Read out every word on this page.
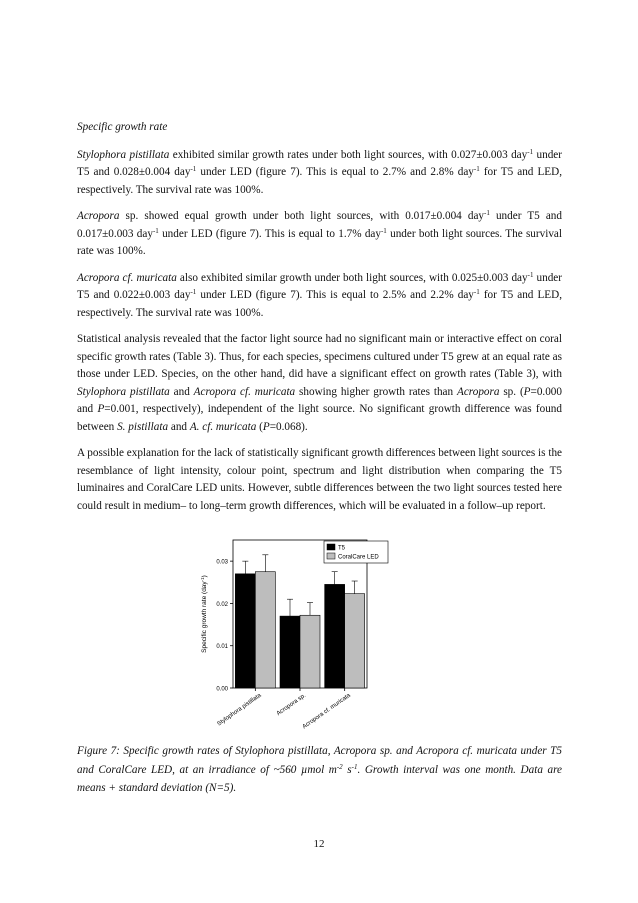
Specific growth rate

Stylophora pistillata exhibited similar growth rates under both light sources, with 0.027±0.003 day$^{-1}$ under T5 and 0.028±0.004 day$^{-1}$ under LED (figure 7). This is equal to 2.7% and 2.8% day$^{-1}$ for T5 and LED, respectively. The survival rate was 100%.

Acropora sp. showed equal growth under both light sources, with 0.017±0.004 day$^{-1}$ under T5 and 0.017±0.003 day$^{-1}$ under LED (figure 7). This is equal to 1.7% day$^{-1}$ under both light sources. The survival rate was 100%.

Acropora cf. muricata also exhibited similar growth under both light sources, with 0.025±0.003 day$^{-1}$ under T5 and 0.022±0.003 day$^{-1}$ under LED (figure 7). This is equal to 2.5% and 2.2% day$^{-1}$ for T5 and LED, respectively. The survival rate was 100%.

Statistical analysis revealed that the factor light source had no significant main or interactive effect on coral specific growth rates (Table 3). Thus, for each species, specimens cultured under T5 grew at an equal rate as those under LED. Species, on the other hand, did have a significant effect on growth rates (Table 3), with Stylophora pistillata and Acropora cf. muricata showing higher growth rates than Acropora sp. (P=0.000 and P=0.001, respectively), independent of the light source. No significant growth difference was found between S. pistillata and A. cf. muricata (P=0.068).

A possible explanation for the lack of statistically significant growth differences between light sources is the resemblance of light intensity, colour point, spectrum and light distribution when comparing the T5 luminaires and CoralCare LED units. However, subtle differences between the two light sources tested here could result in medium– to long–term growth differences, which will be evaluated in a follow–up report.

0.00
0.01
0.02
0.03
Specific growth rate (day$^{-1}$)
Stylophora pistillata Acropora sp.
Acropora cf. muricata
T5
CoralCare LED
Figure 7: Specific growth rates of Stylophora pistillata, Acropora sp. and Acropora cf. muricata under T5 and CoralCare LED, at an irradiance of ~560 µmol $m^{-2}$ $s^{-1}$. Growth interval was one month. Data are means + standard deviation (N=5).
12
